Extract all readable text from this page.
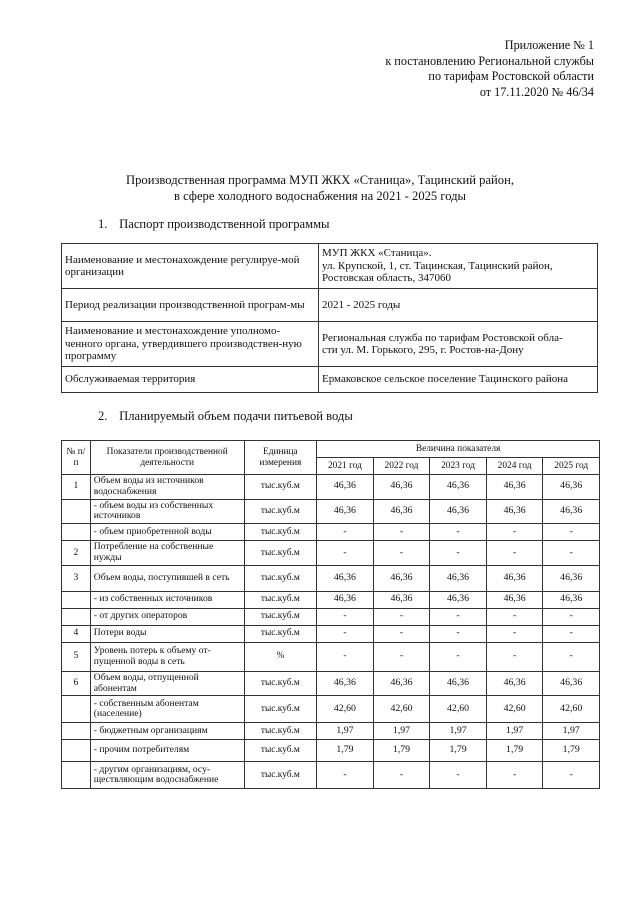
Приложение № 1
к постановлению Региональной службы
по тарифам Ростовской области
от 17.11.2020 № 46/34
Производственная программа МУП ЖКХ «Станица», Тацинский район,
в сфере холодного водоснабжения на 2021 - 2025 годы
1. Паспорт производственной программы
Наименование и местонахождение регулируе-мой организации	МУП ЖКХ «Станица».
ул. Крупской, 1, ст. Тацинская, Тацинский район,
Ростовская область, 347060

Период реализации производственной програм-мы	2021 - 2025 годы

Наименование и местонахождение уполномо-ченного органа, утвердившего производствен-ную программу	Региональная служба по тарифам Ростовской обла-
сти ул. М. Горького, 295, г. Ростов-на-Дону

Обслуживаемая территория	Ермаковское сельское поселение Тацинского района
2. Планируемый объем подачи питьевой воды
№ п/п	Показатели производственной деятельности	Единица измерения	Величина показателя				
			2021 год	2022 год	2023 год	2024 год	2025 год
1	Объем воды из источников водоснабжения	тыс.куб.м	46,36	46,36	46,36	46,36	46,36
	- объем воды из собственных источников	тыс.куб.м	46,36	46,36	46,36	46,36	46,36
	- объем приобретенной воды	тыс.куб.м	-	-	-	-	-
2	Потребление на собственные нужды	тыс.куб.м	-	-	-	-	-
3	Объем воды, поступившей в сеть	тыс.куб.м	46,36	46,36	46,36	46,36	46,36
	- из собственных источников	тыс.куб.м	46,36	46,36	46,36	46,36	46,36
	- от других операторов	тыс.куб.м	-	-	-	-	-
4	Потери воды	тыс.куб.м	-	-	-	-	-
5	Уровень потерь к объему от-пущенной воды в сеть	%	-	-	-	-	-
6	Объем воды, отпущенной абонентам	тыс.куб.м	46,36	46,36	46,36	46,36	46,36
	- собственным абонентам (население)	тыс.куб.м	42,60	42,60	42,60	42,60	42,60
	- бюджетным организациям	тыс.куб.м	1,97	1,97	1,97	1,97	1,97
	- прочим потребителям	тыс.куб.м	1,79	1,79	1,79	1,79	1,79
	- другим организациям, осу-ществляющим водоснабжение	тыс.куб.м	-	-	-	-	-
